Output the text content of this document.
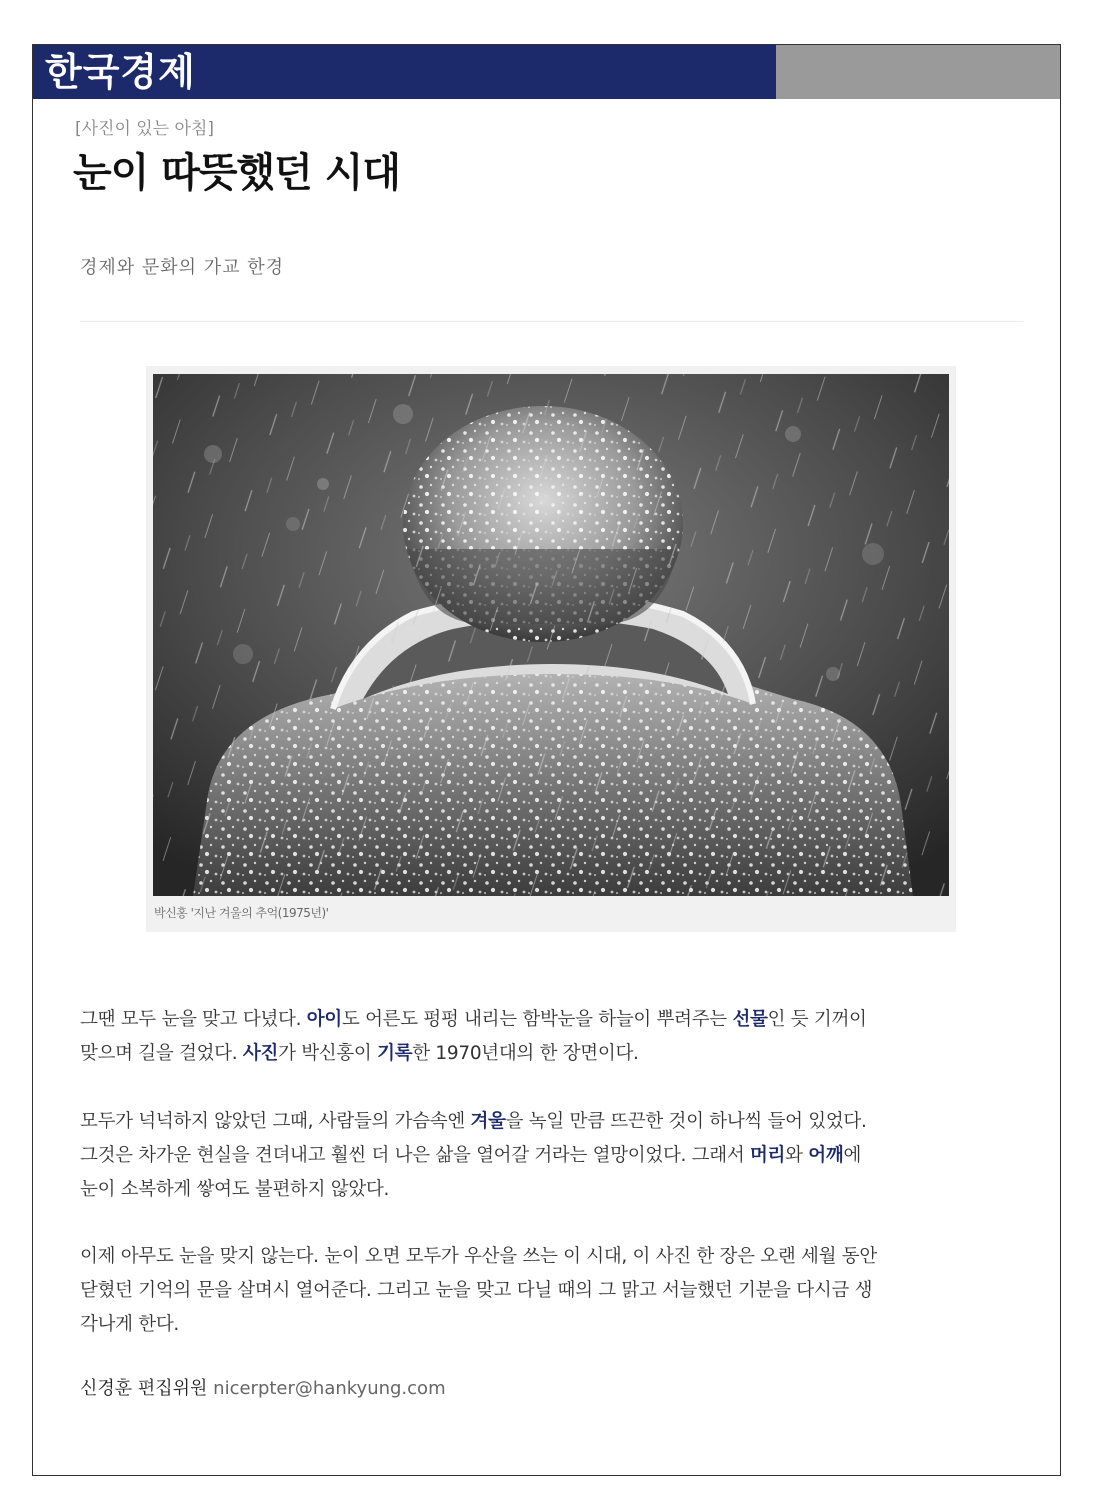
한국경제
[사진이 있는 아침]
눈이 따뜻했던 시대
경제와 문화의 가교 한경
박신홍 '지난 겨울의 추억(1975년)'

그땐 모두 눈을 맞고 다녔다. 아이도 어른도 펑펑 내리는 함박눈을 하늘이 뿌려주는 선물인 듯 기꺼이
맞으며 길을 걸었다. 사진가 박신홍이 기록한 1970년대의 한 장면이다.

모두가 넉넉하지 않았던 그때, 사람들의 가슴속엔 겨울을 녹일 만큼 뜨끈한 것이 하나씩 들어 있었다.
그것은 차가운 현실을 견뎌내고 훨씬 더 나은 삶을 열어갈 거라는 열망이었다. 그래서 머리와 어깨에
눈이 소복하게 쌓여도 불편하지 않았다.

이제 아무도 눈을 맞지 않는다. 눈이 오면 모두가 우산을 쓰는 이 시대, 이 사진 한 장은 오랜 세월 동안
닫혔던 기억의 문을 살며시 열어준다. 그리고 눈을 맞고 다닐 때의 그 맑고 서늘했던 기분을 다시금 생
각나게 한다.

신경훈 편집위원 nicerpter@hankyung.com
